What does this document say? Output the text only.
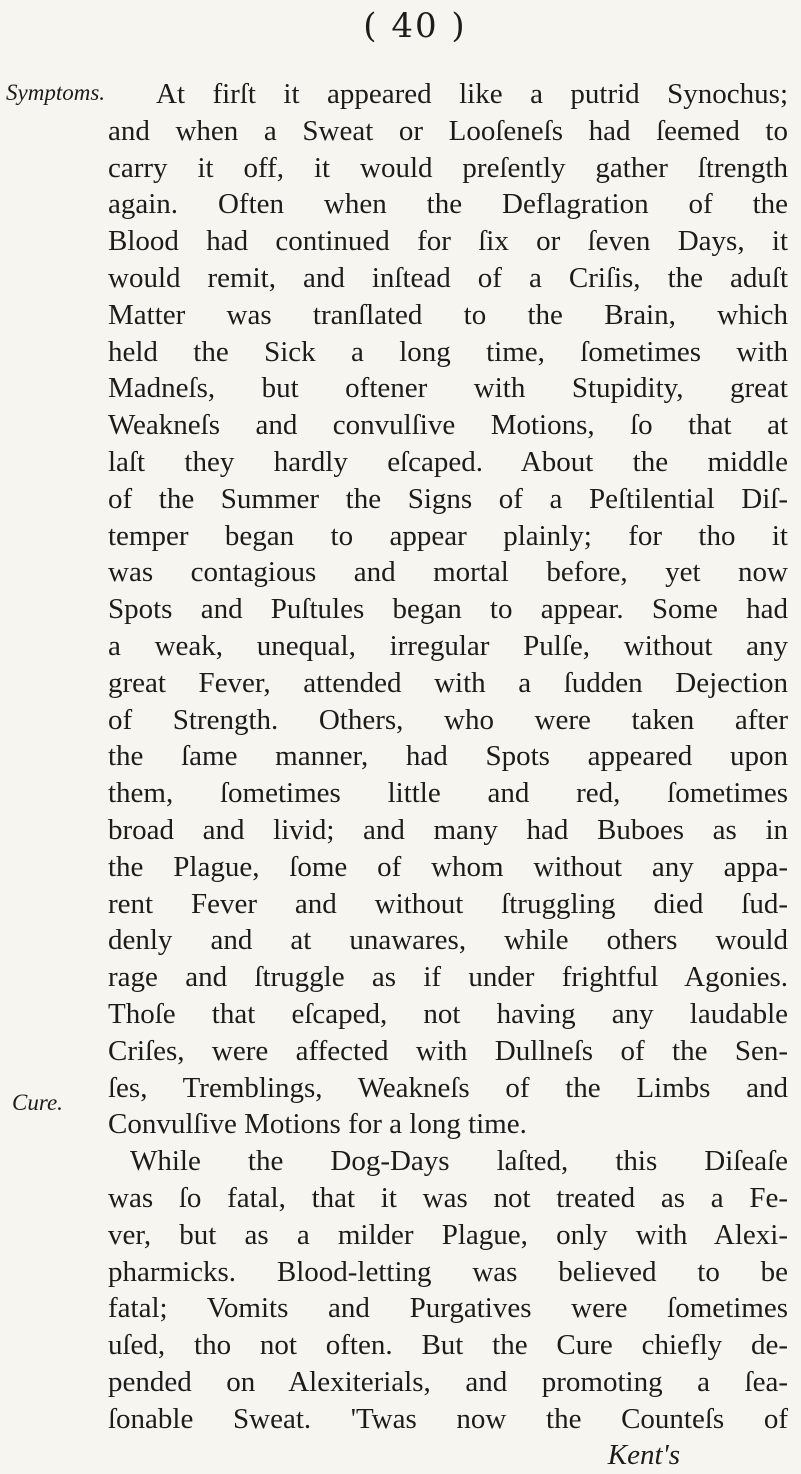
( 40 )
Symptoms.
Cure.
At firſt it appeared like a putrid Synochus;
and when a Sweat or Looſeneſs had ſeemed to
carry it off, it would preſently gather ſtrength
again. Often when the Deflagration of the
Blood had continued for ſix or ſeven Days, it
would remit, and inſtead of a Criſis, the aduſt
Matter was tranſlated to the Brain, which
held the Sick a long time, ſometimes with
Madneſs, but oftener with Stupidity, great
Weakneſs and convulſive Motions, ſo that at
laſt they hardly eſcaped. About the middle
of the Summer the Signs of a Peſtilential Diſ-
temper began to appear plainly; for tho it
was contagious and mortal before, yet now
Spots and Puſtules began to appear. Some had
a weak, unequal, irregular Pulſe, without any
great Fever, attended with a ſudden Dejection
of Strength. Others, who were taken after
the ſame manner, had Spots appeared upon
them, ſometimes little and red, ſometimes
broad and livid; and many had Buboes as in
the Plague, ſome of whom without any appa-
rent Fever and without ſtruggling died ſud-
denly and at unawares, while others would
rage and ſtruggle as if under frightful Agonies.
Thoſe that eſcaped, not having any laudable
Criſes, were affected with Dullneſs of the Sen-
ſes, Tremblings, Weakneſs of the Limbs and
Convulſive Motions for a long time.
While the Dog-Days laſted, this Diſeaſe
was ſo fatal, that it was not treated as a Fe-
ver, but as a milder Plague, only with Alexi-
pharmicks. Blood-letting was believed to be
fatal; Vomits and Purgatives were ſometimes
uſed, tho not often. But the Cure chiefly de-
pended on Alexiterials, and promoting a ſea-
ſonable Sweat. 'Twas now the Counteſs of
Kent's
